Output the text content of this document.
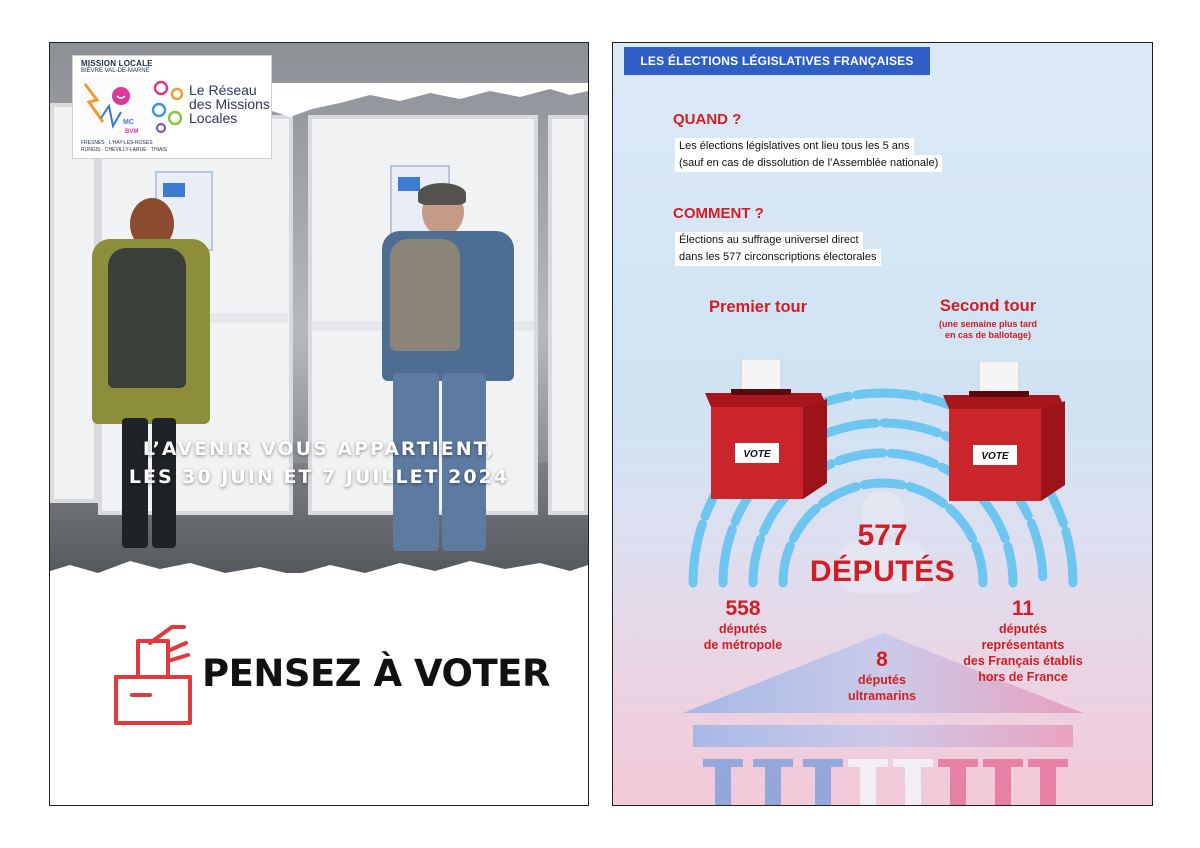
MISSION LOCALE
BIÈVRE VAL-DE-MARNE
MC
BVM
FRESNES · L'HAY-LES-ROSES
RUNGIS · CHEVILLY-LARUE · THIAIS
Le Réseau
des Missions
Locales
L’AVENIR VOUS APPARTIENT,
LES 30 JUIN ET 7 JUILLET 2024
PENSEZ À VOTER
LES ÉLECTIONS LÉGISLATIVES FRANÇAISES
QUAND ?
Les élections législatives ont lieu tous les 5 ans
(sauf en cas de dissolution de l’Assemblée nationale)
COMMENT ?
Élections au suffrage universel direct
dans les 577 circonscriptions électorales
Premier tour	Second tour
(une semaine plus tard
en cas de ballotage)
VOTE	VOTE
577
DÉPUTÉS
558
députés
de métropole
8
députés
ultramarins
11
députés
représentants
des Français établis
hors de France
